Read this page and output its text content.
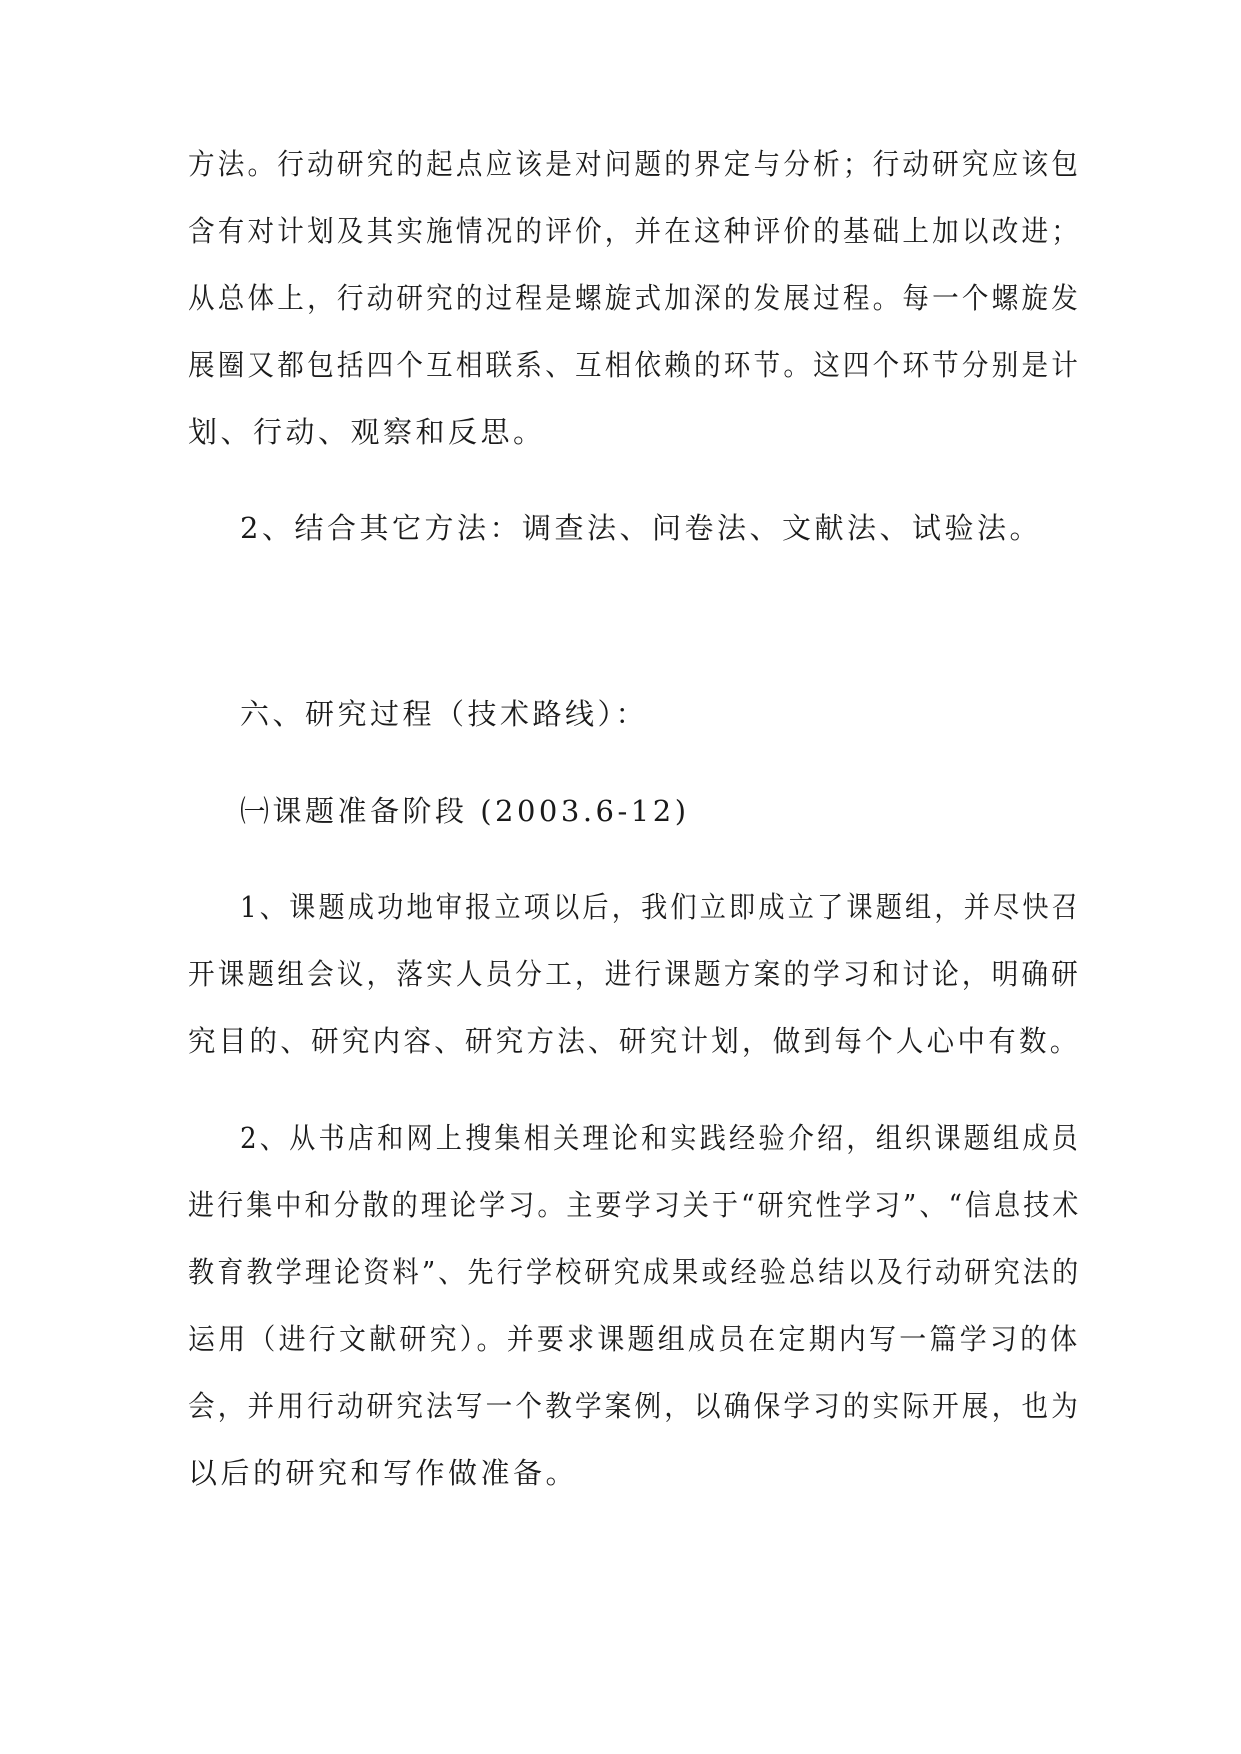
方法。行动研究的起点应该是对问题的界定与分析；行动研究应该包
含有对计划及其实施情况的评价，并在这种评价的基础上加以改进；
从总体上，行动研究的过程是螺旋式加深的发展过程。每一个螺旋发
展圈又都包括四个互相联系、互相依赖的环节。这四个环节分别是计
划、行动、观察和反思。
2、结合其它方法：调查法、问卷法、文献法、试验法。
六、研究过程（技术路线）：
㈠课题准备阶段 (2003.6-12)
1、课题成功地审报立项以后，我们立即成立了课题组，并尽快召
开课题组会议，落实人员分工，进行课题方案的学习和讨论，明确研
究目的、研究内容、研究方法、研究计划，做到每个人心中有数。
2、从书店和网上搜集相关理论和实践经验介绍，组织课题组成员
进行集中和分散的理论学习。主要学习关于“研究性学习”、“信息技术
教育教学理论资料”、先行学校研究成果或经验总结以及行动研究法的
运用（进行文献研究）。并要求课题组成员在定期内写一篇学习的体
会，并用行动研究法写一个教学案例，以确保学习的实际开展，也为
以后的研究和写作做准备。
